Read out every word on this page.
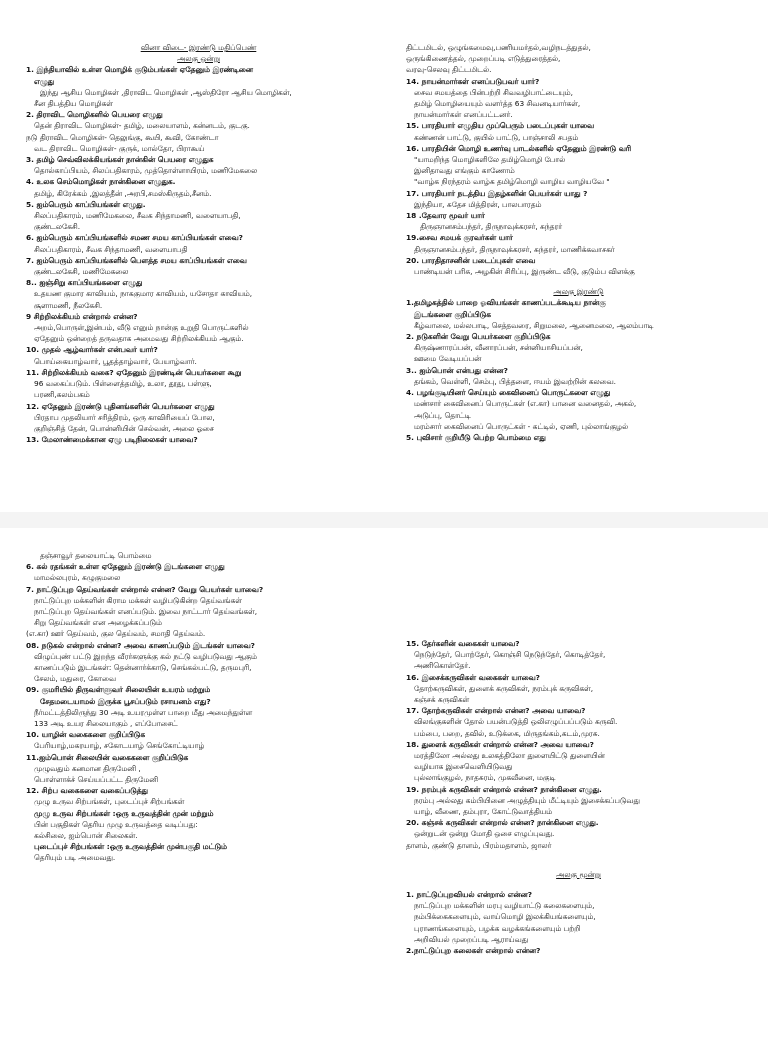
வினா விடை- இரண்டு மதிப்பெண்
அலகு ஒன்று
1. இந்தியாவில் உள்ள மொழிக் குடும்பங்கள் ஏதேனும் இரண்டினை
எழுது
இந்து ஆசிய மொழிகள் ,திராவிட மொழிகள் ,ஆஸ்திரோ ஆசிய மொழிகள்,
சீன திபத்திய மொழிகள்
2. திராவிட மொழிகளில் பெயரை எழுது
தென் திராவிட மொழிகள்- தமிழ், மலையாளம், கன்னடம், குடகு.
நடு திராவிட மொழிகள்- தெலுங்கு, கூயி, கூவி, கோண்டா
வட திராவிட மொழிகள்- குருக், மால்தோ, பிராகூய்
3. தமிழ் செவ்விலக்கியங்கள் நான்கின் பெயரை எழுதுக
தொல்காப்பியம், சிலப்பதிகாரம், முத்தொள்ளாயிரம், மணிமேகலை
4. உலக செம்மொழிகள் நான்கினை எழுதுக.
தமிழ், கிரேக்கம் ,இலத்தீன் ,அரபி,சமஸ்கிருதம்,சீனம்.
5. ஐம்பெரும் காப்பியங்கள் எழுது.
சிலப்பதிகாரம், மணிமேகலை, சீவக சிந்தாமணி, வளையாபதி,
குண்டலகேசி.
6. ஐம்பெரும் காப்பியங்களில் சமண சமய காப்பியங்கள் எவை?
சிலப்பதிகாரம், சீவக சிந்தாமணி, வளையாபதி
7. ஐம்பெரும் காப்பியங்களில் பௌத்த சமய காப்பியங்கள் எவை
குண்டலகேசி, மணிமேகலை
8.. ஐஞ்சிறு காப்பியங்களை எழுது
உதயண குமார காவியம், நாககுமார காவியம், யசோதா காவியம்,
சூளாமணி, நீலகேசி.
9 சிற்றிலக்கியம் என்றால் என்ன?
அறம்,பொருள்,இன்பம், வீடு எனும் நான்கு உறுதி பொருட்களில்
ஏதேனும் ஒன்றைத் தருவதாக அமைவது சிற்றிலக்கியம் ஆகும்.
10. முதல் ஆழ்வார்கள் என்பவர் யார்?
பொய்கையாழ்வார், பூதத்தாழ்வார், பேயாழ்வார்.
11. சிற்றிலக்கியம் வகை? ஏதேனும் இரண்டின் பெயர்களை கூறு
96 வகைப்படும். பிள்ளைத்தமிழ், உலா, தூது, பள்ளு,
பரணி,கலம்பகம்
12. ஏதேனும் இரண்டு புதினங்களின் பெயர்களை எழுது
பிரதாப முதலியார் சரித்திரம், ஒரு காவிரியைப் போல,
குறிஞ்சித் தேன், பொன்னியின் செல்வன், அலை ஓசை
13. மேலாண்மைக்கான ஏழு படிநிலைகள் யாவை?
திட்டமிடல், ஒழுங்கமைவு,பணியமர்தல்,வழிநடத்துதல்,
ஒருங்கிணைத்தல், முறைப்படி எடுத்துரைத்தல்,
வரவு-செலவு திட்டமிடல்.
14. நாயன்மார்கள் எனப்படுபவர் யார்?
சைவ சமயத்தை பின்பற்றி சிவவழிபாட்டையும்,
தமிழ் மொழியையும் வளர்த்த 63 சிவனடியார்கள்,
நாயன்மார்கள் எனப்பட்டனர்.
15. பாரதியார் எழுதிய முப்பெரும் படைப்புகள் யாவை
கண்ணன் பாட்டு, குயில் பாட்டு, பாஞ்சாலி சபதம்
16. பாரதியின் மொழி உணர்வு பாடல்களில் ஏதேனும் இரண்டு வரி
"யாமறிந்த மொழிகளிலே தமிழ்மொழி போல்
இனிதாவது எங்கும் காணோம்
"வாழ்க நிரந்தரம் வாழ்க தமிழ்மொழி வாழிய வாழியவே "
17. பாரதியார் நடத்திய இதழ்களின் பெயர்கள் யாது ?
இந்தியா, சுதேச மித்திரன், பாலபாரதம்
18 .தேவார மூவர் யார்
திருஞானசம்பந்தர், திருநாவுக்கரசர், சுந்தரர்
19.சைவ சமயக் குரவர்கள் யார்
திருஞானசம்பந்தர், திருநாவுக்கரசர், சுந்தரர், மாணிக்கவாசகர்
20. பாரதிதாசனின் படைப்புகள் எவை
பாண்டியன் பரிசு, அழகின் சிரிப்பு, இருண்ட வீடு, குடும்ப விளக்கு
அலகு இரண்டு
1.தமிழகத்தில் பாறை ஓவியங்கள் காணப்படக்கூடிய நான்கு
இடங்களை குறிப்பிடுக
கீழ்வாலை, மல்லபாடி, செத்தவரை, சிறுமலை, ஆனைமலை, ஆலம்பாடி
2. நடுகளின் வேறு பெயர்களை குறிப்பிடுக
கிருஷ்ணாரப்பன், வீனாரப்பன், சன்னியாசியப்பன்,
ஊமை வேடியப்பன்
3.. ஐம்பொன் என்பது என்ன?
தங்கம், வெள்ளி, செம்பு, பித்தளை, ஈயம் இவற்றின் கலவை.
4. பழங்குடியினர் செய்யும் கைவினைப் பொருட்களை எழுது
மண்சார் கைவினைப் பொருட்கள் (எ.கா) பானை வனைதல், அகல்,
அடுப்பு, தொட்டி
மரம்சார் கைவினைப் பொருட்கள் - கட்டில், ஏணி, புல்லாங்குழல்
5. புவிசார் குறியீடு பெற்ற பொம்மை எது
தஞ்சாவூர் தலையாட்டி பொம்மை
6. கல் ரதங்கள் உள்ள ஏதேனும் இரண்டு இடங்களை எழுது
மாமல்லபுரம், கழுகுமலை
7. நாட்டுப்புற தெய்வங்கள் என்றால் என்ன? வேறு பெயர்கள் யாவை?
நாட்டுப்புற மக்களின் கிராம மக்கள் வழிபடுகின்ற தெய்வங்கள்
நாட்டுப்புற தெய்வங்கள் எனப்படும். இவை நாட்டார் தெய்வங்கள்,
சிறு தெய்வங்கள் என அழைக்கப்படும்
(எ.கா) ஊர் தெய்வம், குல தெய்வம், சமாதி தெய்வம்.
08. நடுகல் என்றால் என்ன? அவை காணப்படும் இடங்கள் யாவை?
விழுப்புண் பட்டு இறந்த வீரர்களுக்கு கல் நட்டு வழிபடுவது ஆகும்
காணப்படும் இடங்கள்: தென்னார்க்காடு, செங்கல்பட்டு, தருமபுரி,
சேலம், மதுரை, கோவை
09. குமரியில் திருவள்ளுவர் சிலையின் உயரம் மற்றும்
சேதமடையாமல் இருக்க பூசப்படும் ரசாயனம் எது?
நீர்மட்டத்திலிருந்து 30 அடி உயரமுள்ள பாறை மீது அமைந்துள்ள
133 அடி உயர சிலையாகும் , எப்போசைட்
10. யாழின் வகைகளை குறிப்பிடுக
பேரியாழ்,மகரயாழ், சகோடயாழ் செங்கோட்டியாழ்
11.ஐம்பொன் சிலையின் வகைகளை குறிப்பிடுக
முழுவதும் கனமான திருமேனி ,
பொள்ளாக்ச் செய்யப்பட்ட திருமேனி
12. சிற்ப வகைகளை வகைப்படுத்து
முழு உருவ சிற்பங்கள், புடைப்புச் சிற்பங்கள்
முழு உருவ சிற்பங்கள் :ஒரு உருவத்தின் முன் மற்றும்
பின் பகுதிகள் தெரிய முழு உருவத்தை வடிப்பது:
கல்சிலை, ஐம்பொன் சிலைகள்.
புடைப்புச் சிற்பங்கள் :ஒரு உருவத்தின் முன்பகுதி மட்டும்
தெரியும் படி அமைவது.
15. தேர்களின் வகைகள் யாவை?
நெடுந்தேர், பொற்தேர், கொஞ்சி நெடுந்தேர், கொடித்தேர்,
அணிகொள்தேர்.
16. இசைக்கருவிகள் வகைகள் யாவை?
தோற்கருவிகள், துளைக் கருவிகள், நரம்புக் கருவிகள்,
கஞ்சக் கருவிகள்
17. தோற்கருவிகள் என்றால் என்ன? அவை யாவை?
விலங்குகளின் தோல் பயன்படுத்தி ஒலிஎழுப்பப்படும் கருவி.
பம்பை, பறை, தவில், உடுக்கை, மிருதங்கம்,கடம்,முரசு.
18. துளைக் கருவிகள் என்றால் என்ன? அவை யாவை?
மரத்திலோ அல்லது உலகத்திலோ துளையிட்டு துளையின்
வழியாக இசைவெளியிடுவது
புல்லாங்குழல், நாதசுரம், முகவீனை, மகுடி
19. நரம்புக் கருவிகள் என்றால் என்ன? நான்கினை எழுது.
நரம்பு அல்லது கம்பியினை அழுத்தியும் மீட்டியும் இசைக்கப்படுவது
யாழ், வீணை, தம்புரா, கோட்டுவாத்தியம்
20. கஞ்சக் கருவிகள் என்றால் என்ன? நான்கினை எழுது.
ஒன்றுடன் ஒன்று மோதி ஒசை எழுப்புவது.
தாளம், குண்டு தாளம், பிரம்மதாளம், ஜாலர்
அலகு மூன்று
1. நாட்டுப்புறவியல் என்றால் என்ன?
நாட்டுப்புற மக்களின் மரபு வழியாட்டு கலைகளையும்,
நம்பிக்கைகளையும், வாய்மொழி இலக்கியங்களையும்,
புராணங்களையும், பழக்க வழக்கங்களையும் பற்றி
அறிவியல் முறைப்படி ஆராய்வது
2.நாட்டுப்புற கலைகள் என்றால் என்ன?
